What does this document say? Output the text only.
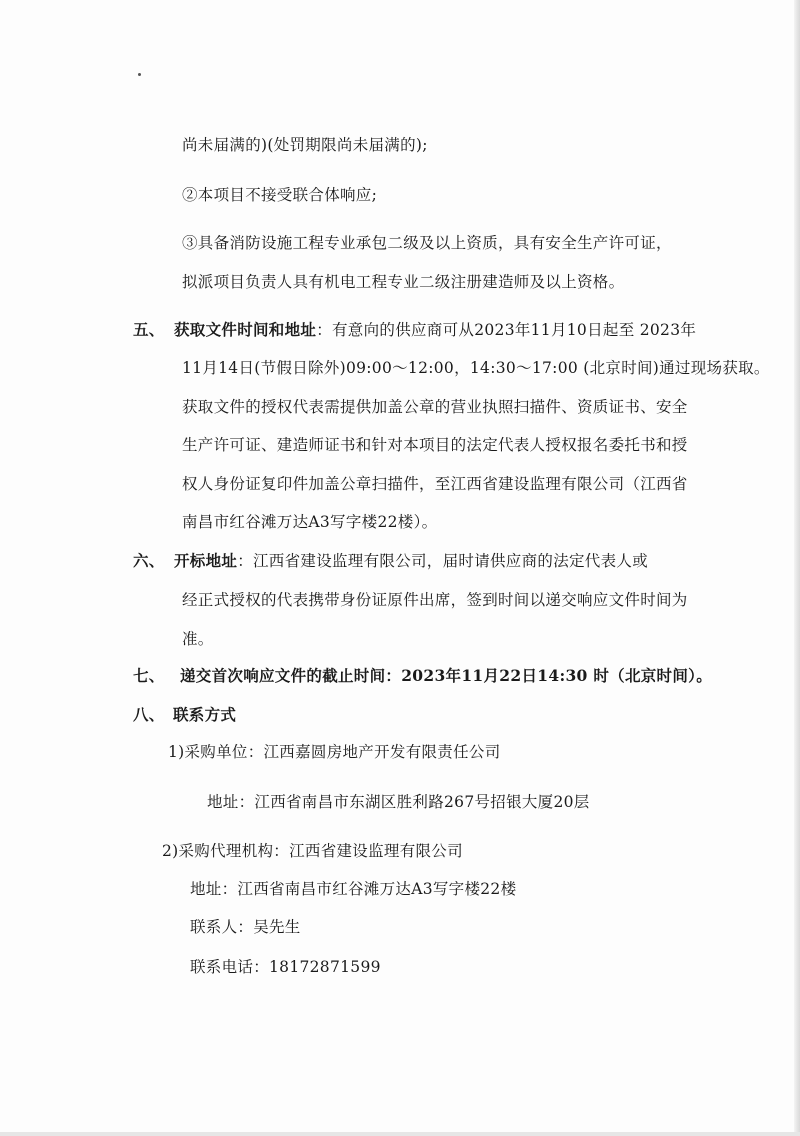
尚未届满的)(处罚期限尚未届满的);
②本项目不接受联合体响应;
③具备消防设施工程专业承包二级及以上资质，具有安全生产许可证，
拟派项目负责人具有机电工程专业二级注册建造师及以上资格。
五、 获取文件时间和地址：有意向的供应商可从2023年11月10日起至 2023年
11月14日(节假日除外)09:00～12:00，14:30～17:00 (北京时间)通过现场获取。
获取文件的授权代表需提供加盖公章的营业执照扫描件、资质证书、安全
生产许可证、建造师证书和针对本项目的法定代表人授权报名委托书和授
权人身份证复印件加盖公章扫描件，至江西省建设监理有限公司（江西省
南昌市红谷滩万达A3写字楼22楼）。
六、 开标地址：江西省建设监理有限公司，届时请供应商的法定代表人或
经正式授权的代表携带身份证原件出席，签到时间以递交响应文件时间为
准。
七、 递交首次响应文件的截止时间：2023年11月22日14:30 时（北京时间）。
八、 联系方式
1)采购单位：江西嘉圆房地产开发有限责任公司
地址：江西省南昌市东湖区胜利路267号招银大厦20层
2)采购代理机构：江西省建设监理有限公司
地址：江西省南昌市红谷滩万达A3写字楼22楼
联系人：吴先生
联系电话：18172871599
